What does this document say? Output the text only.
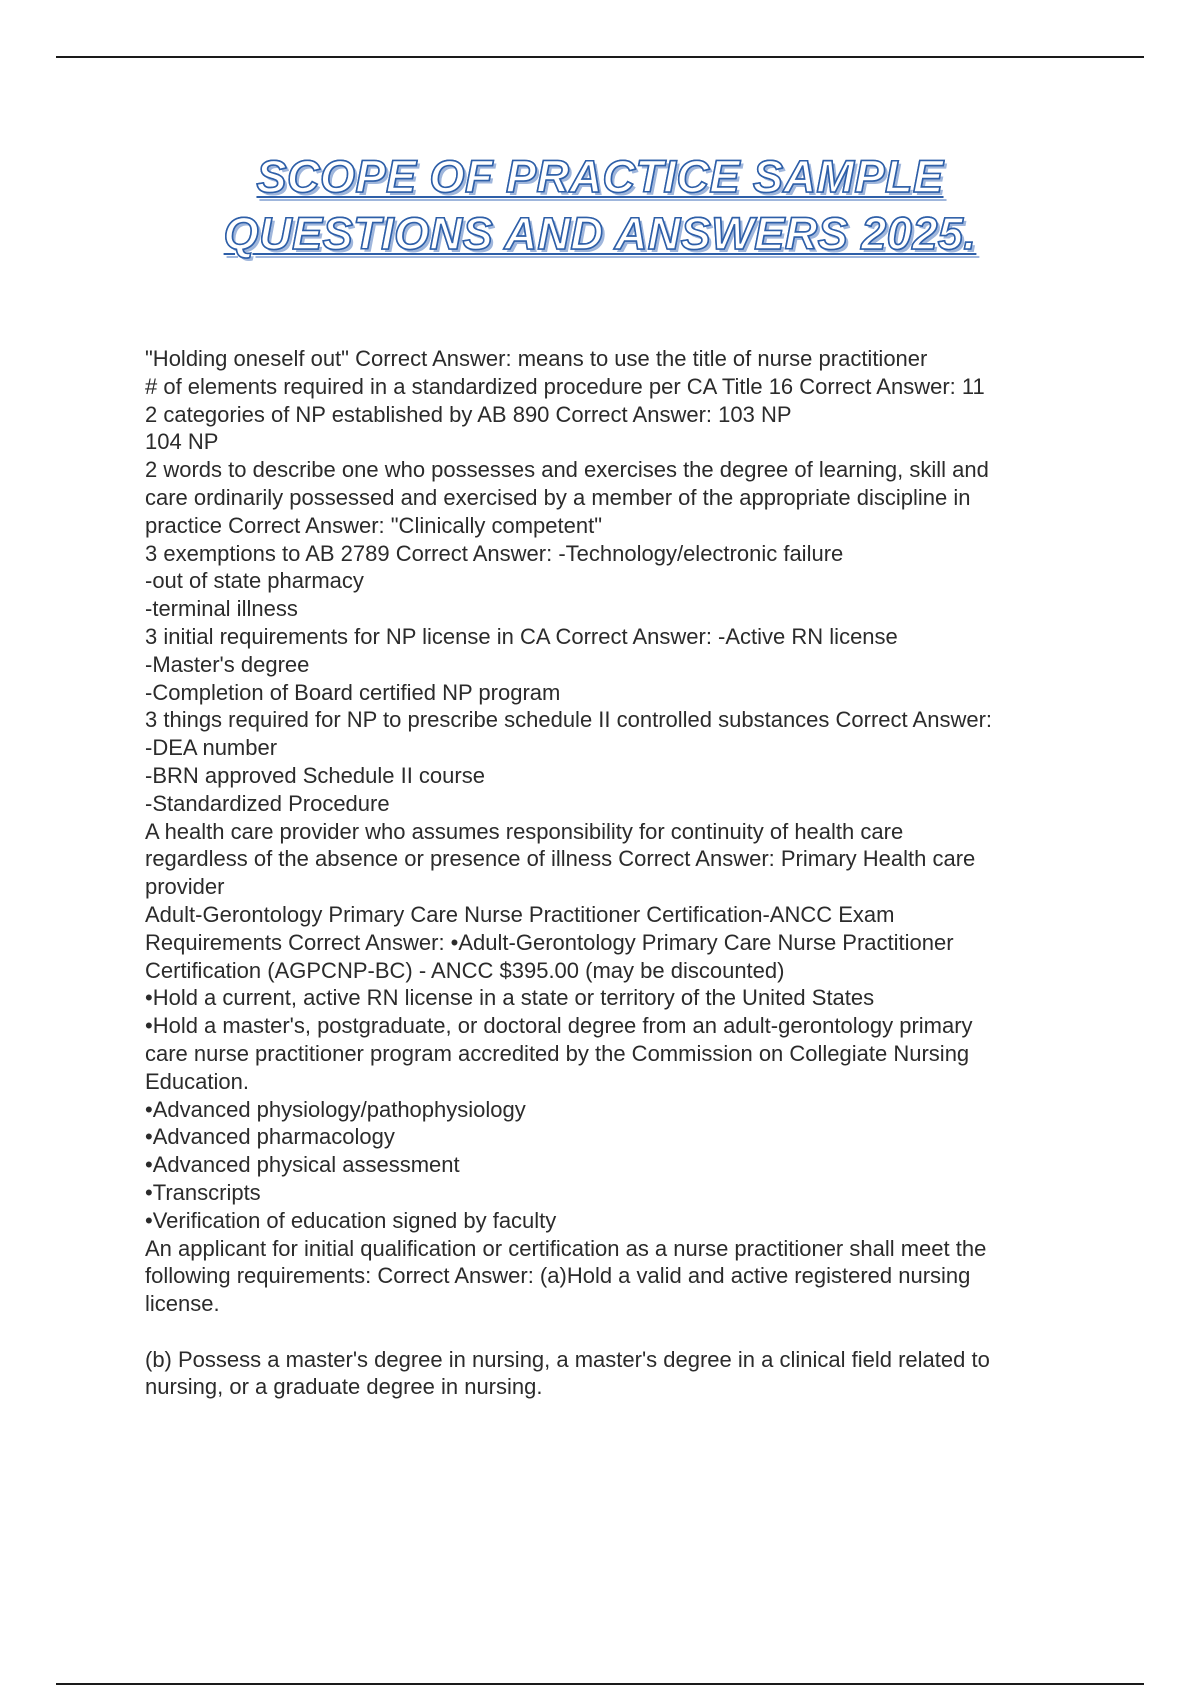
SCOPE OF PRACTICE SAMPLE
QUESTIONS AND ANSWERS 2025.
"Holding oneself out" Correct Answer: means to use the title of nurse practitioner
# of elements required in a standardized procedure per CA Title 16 Correct Answer: 11
2 categories of NP established by AB 890 Correct Answer: 103 NP
104 NP
2 words to describe one who possesses and exercises the degree of learning, skill and
care ordinarily possessed and exercised by a member of the appropriate discipline in
practice Correct Answer: "Clinically competent"
3 exemptions to AB 2789 Correct Answer: -Technology/electronic failure
-out of state pharmacy
-terminal illness
3 initial requirements for NP license in CA Correct Answer: -Active RN license
-Master's degree
-Completion of Board certified NP program
3 things required for NP to prescribe schedule II controlled substances Correct Answer:
-DEA number
-BRN approved Schedule II course
-Standardized Procedure
A health care provider who assumes responsibility for continuity of health care
regardless of the absence or presence of illness Correct Answer: Primary Health care
provider
Adult-Gerontology Primary Care Nurse Practitioner Certification-ANCC Exam
Requirements Correct Answer: •Adult-Gerontology Primary Care Nurse Practitioner
Certification (AGPCNP-BC) - ANCC $395.00 (may be discounted)
•Hold a current, active RN license in a state or territory of the United States
•Hold a master's, postgraduate, or doctoral degree from an adult-gerontology primary
care nurse practitioner program accredited by the Commission on Collegiate Nursing
Education.
•Advanced physiology/pathophysiology
•Advanced pharmacology
•Advanced physical assessment
•Transcripts
•Verification of education signed by faculty
An applicant for initial qualification or certification as a nurse practitioner shall meet the
following requirements: Correct Answer: (a)Hold a valid and active registered nursing
license.
(b) Possess a master's degree in nursing, a master's degree in a clinical field related to
nursing, or a graduate degree in nursing.
